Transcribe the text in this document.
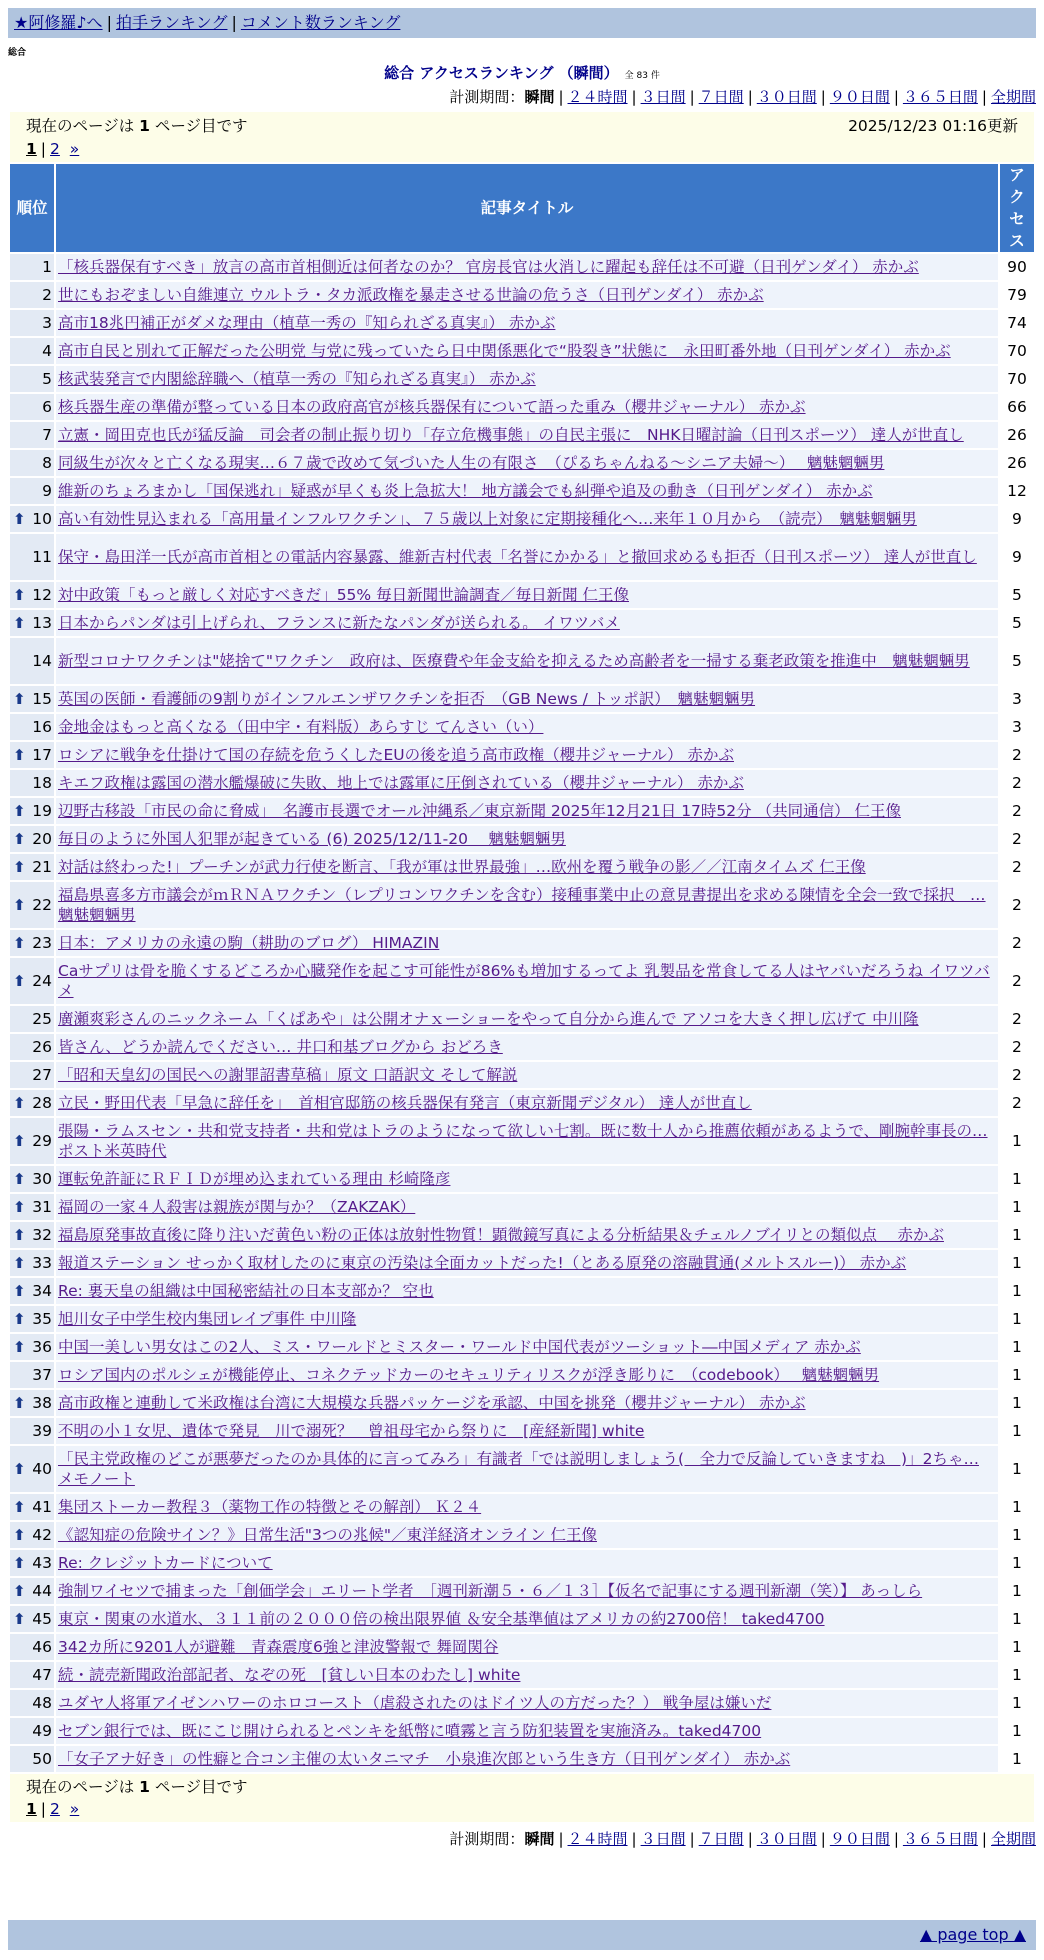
★阿修羅♪へ | 拍手ランキング | コメント数ランキング
総合
総合 アクセスランキング （瞬間） 全 83 件
計測期間：瞬間 | ２４時間 | ３日間 | ７日間 | ３０日間 | ９０日間 | ３６５日間 | 全期間
現在のページは 1 ページ目です 2025/12/23 01:16更新
1 | 2 »		

順位	記事タイトル	アクセス
1	「核兵器保有すべき」放言の高市首相側近は何者なのか？ 官房長官は火消しに躍起も辞任は不可避（日刊ゲンダイ） 赤かぶ	90
2	世にもおぞましい自維連立 ウルトラ・タカ派政権を暴走させる世論の危うさ（日刊ゲンダイ） 赤かぶ	79
3	高市18兆円補正がダメな理由（植草一秀の『知られざる真実』） 赤かぶ	74
4	高市自民と別れて正解だった公明党 与党に残っていたら日中関係悪化で“股裂き”状態に　永田町番外地（日刊ゲンダイ） 赤かぶ	70
5	核武装発言で内閣総辞職へ（植草一秀の『知られざる真実』） 赤かぶ	70
6	核兵器生産の準備が整っている日本の政府高官が核兵器保有について語った重み（櫻井ジャーナル） 赤かぶ	66
7	立憲・岡田克也氏が猛反論　司会者の制止振り切り「存立危機事態」の自民主張に　NHK日曜討論（日刊スポーツ） 達人が世直し	26
8	同級生が次々と亡くなる現実…６７歳で改めて気づいた人生の有限さ　（ぴるちゃんねる～シニア夫婦～）　 魑魅魍魎男	26
9	維新のちょろまかし「国保逃れ」疑惑が早くも炎上急拡大！ 地方議会でも糾弾や追及の動き（日刊ゲンダイ） 赤かぶ	12

⬆ 10	高い有効性見込まれる「高用量インフルワクチン」、７５歳以上対象に定期接種化へ…来年１０月から　（読売）　魑魅魍魎男	9
11	保守・島田洋一氏が高市首相との電話内容暴露、維新吉村代表「名誉にかかる」と撤回求めるも拒否（日刊スポーツ） 達人が世直し	9

⬆ 12	対中政策「もっと厳しく対応すべきだ」55% 毎日新聞世論調査／毎日新聞 仁王像	5

⬆ 13	日本からパンダは引上げられ、フランスに新たなパンダが送られる。 イワツバメ	5
14	新型コロナワクチンは"姥捨て"ワクチン　政府は、医療費や年金支給を抑えるため高齢者を一掃する棄老政策を推進中　魑魅魍魎男	5

⬆ 15	英国の医師・看護師の9割りがインフルエンザワクチンを拒否　（GB News / トッポ訳）　魑魅魍魎男	3
16	金地金はもっと高くなる（田中宇・有料版）あらすじ てんさい（い）	3

⬆ 17	ロシアに戦争を仕掛けて国の存続を危うくしたEUの後を追う高市政権（櫻井ジャーナル） 赤かぶ	2
18	キエフ政権は露国の潜水艦爆破に失敗、地上では露軍に圧倒されている（櫻井ジャーナル） 赤かぶ	2

⬆ 19	辺野古移設「市民の命に脅威」　名護市長選でオール沖縄系／東京新聞 2025年12月21日 17時52分 （共同通信） 仁王像	2

⬆ 20	毎日のように外国人犯罪が起きている (6) 2025/12/11-20　 魑魅魍魎男	2

⬆ 21	対話は終わった!」プーチンが武力行使を断言、「我が軍は世界最強」…欧州を覆う戦争の影／／江南タイムズ 仁王像	2

⬆ 22	福島県喜多方市議会がｍＲＮＡワクチン（レプリコンワクチンを含む）接種事業中止の意見書提出を求める陳情を全会一致で採択　… 魑魅魍魎男	2

⬆ 23	日本：アメリカの永遠の駒（耕助のブログ） HIMAZIN	2

⬆ 24	Caサプリは骨を脆くするどころか心臓発作を起こす可能性が86%も増加するってよ 乳製品を常食してる人はヤバいだろうね イワツバメ	2
25	廣瀬爽彩さんのニックネーム「くぱあや」は公開オナｘーショーをやって自分から進んで アソコを大きく押し広げて 中川隆	2
26	皆さん、どうか読んでください… 井口和基ブログから おどろき	2
27	「昭和天皇幻の国民への謝罪詔書草稿」原文 口語訳文 そして解説	2

⬆ 28	立民・野田代表「早急に辞任を」　首相官邸筋の核兵器保有発言（東京新聞デジタル） 達人が世直し	2

⬆ 29	張陽・ラムスセン・共和党支持者・共和党はトラのようになって欲しい七割。既に数十人から推薦依頼があるようで、剛腕幹事長の… ポスト米英時代	1

⬆ 30	運転免許証にＲＦＩＤが埋め込まれている理由 杉崎隆彦	1

⬆ 31	福岡の一家４人殺害は親族が関与か？（ZAKZAK）	1

⬆ 32	福島原発事故直後に降り注いだ黄色い粉の正体は放射性物質！顕微鏡写真による分析結果＆チェルノブイリとの類似点　 赤かぶ	1

⬆ 33	報道ステーション せっかく取材したのに東京の汚染は全面カットだった!（とある原発の溶融貫通(メルトスルー)） 赤かぶ	1

⬆ 34	Re: 裏天皇の組織は中国秘密結社の日本支部か？ 空也	1

⬆ 35	旭川女子中学生校内集団レイプ事件 中川隆	1

⬆ 36	中国一美しい男女はこの2人、ミス・ワールドとミスター・ワールド中国代表がツーショット―中国メディア 赤かぶ	1
37	ロシア国内のポルシェが機能停止、コネクテッドカーのセキュリティリスクが浮き彫りに　（codebook）　 魑魅魍魎男	1

⬆ 38	高市政権と連動して米政権は台湾に大規模な兵器パッケージを承認、中国を挑発（櫻井ジャーナル） 赤かぶ	1
39	不明の小１女児、遺体で発見　川で溺死？　曾祖母宅から祭りに　[産経新聞] white	1

⬆ 40	「民主党政権のどこが悪夢だったのか具体的に言ってみろ」有識者「では説明しましょう(　全力で反論していきますね　)」2ちゃ… メモノート	1

⬆ 41	集団ストーカー教程３（薬物工作の特徴とその解剖） Ｋ２４	1

⬆ 42	《認知症の危険サイン？》日常生活"3つの兆候"／東洋経済オンライン 仁王像	1

⬆ 43	Re: クレジットカードについて	1

⬆ 44	強制ワイセツで捕まった「創価学会」エリート学者　［週刊新潮５・６／１３］【仮名で記事にする週刊新潮（笑）】 あっしら	1

⬆ 45	東京・関東の水道水、３１１前の２０００倍の検出限界値 ＆安全基準値はアメリカの約2700倍！ taked4700	1
46	342カ所に9201人が避難　青森震度6強と津波警報で 舞岡関谷	1
47	続・読売新聞政治部記者、なぞの死　[貧しい日本のわたし] white	1
48	ユダヤ人将軍アイゼンハワーのホロコースト（虐殺されたのはドイツ人の方だった？） 戦争屋は嫌いだ	1
49	セブン銀行では、既にこじ開けられるとペンキを紙幣に噴霧と言う防犯装置を実施済み。taked4700	1
50	「女子アナ好き」の性癖と合コン主催の太いタニマチ　小泉進次郎という生き方（日刊ゲンダイ） 赤かぶ	1

現在のページは 1 ページ目です
1 | 2 »		
計測期間：瞬間 | ２４時間 | ３日間 | ７日間 | ３０日間 | ９０日間 | ３６５日間 | 全期間
▲ page top ▲
